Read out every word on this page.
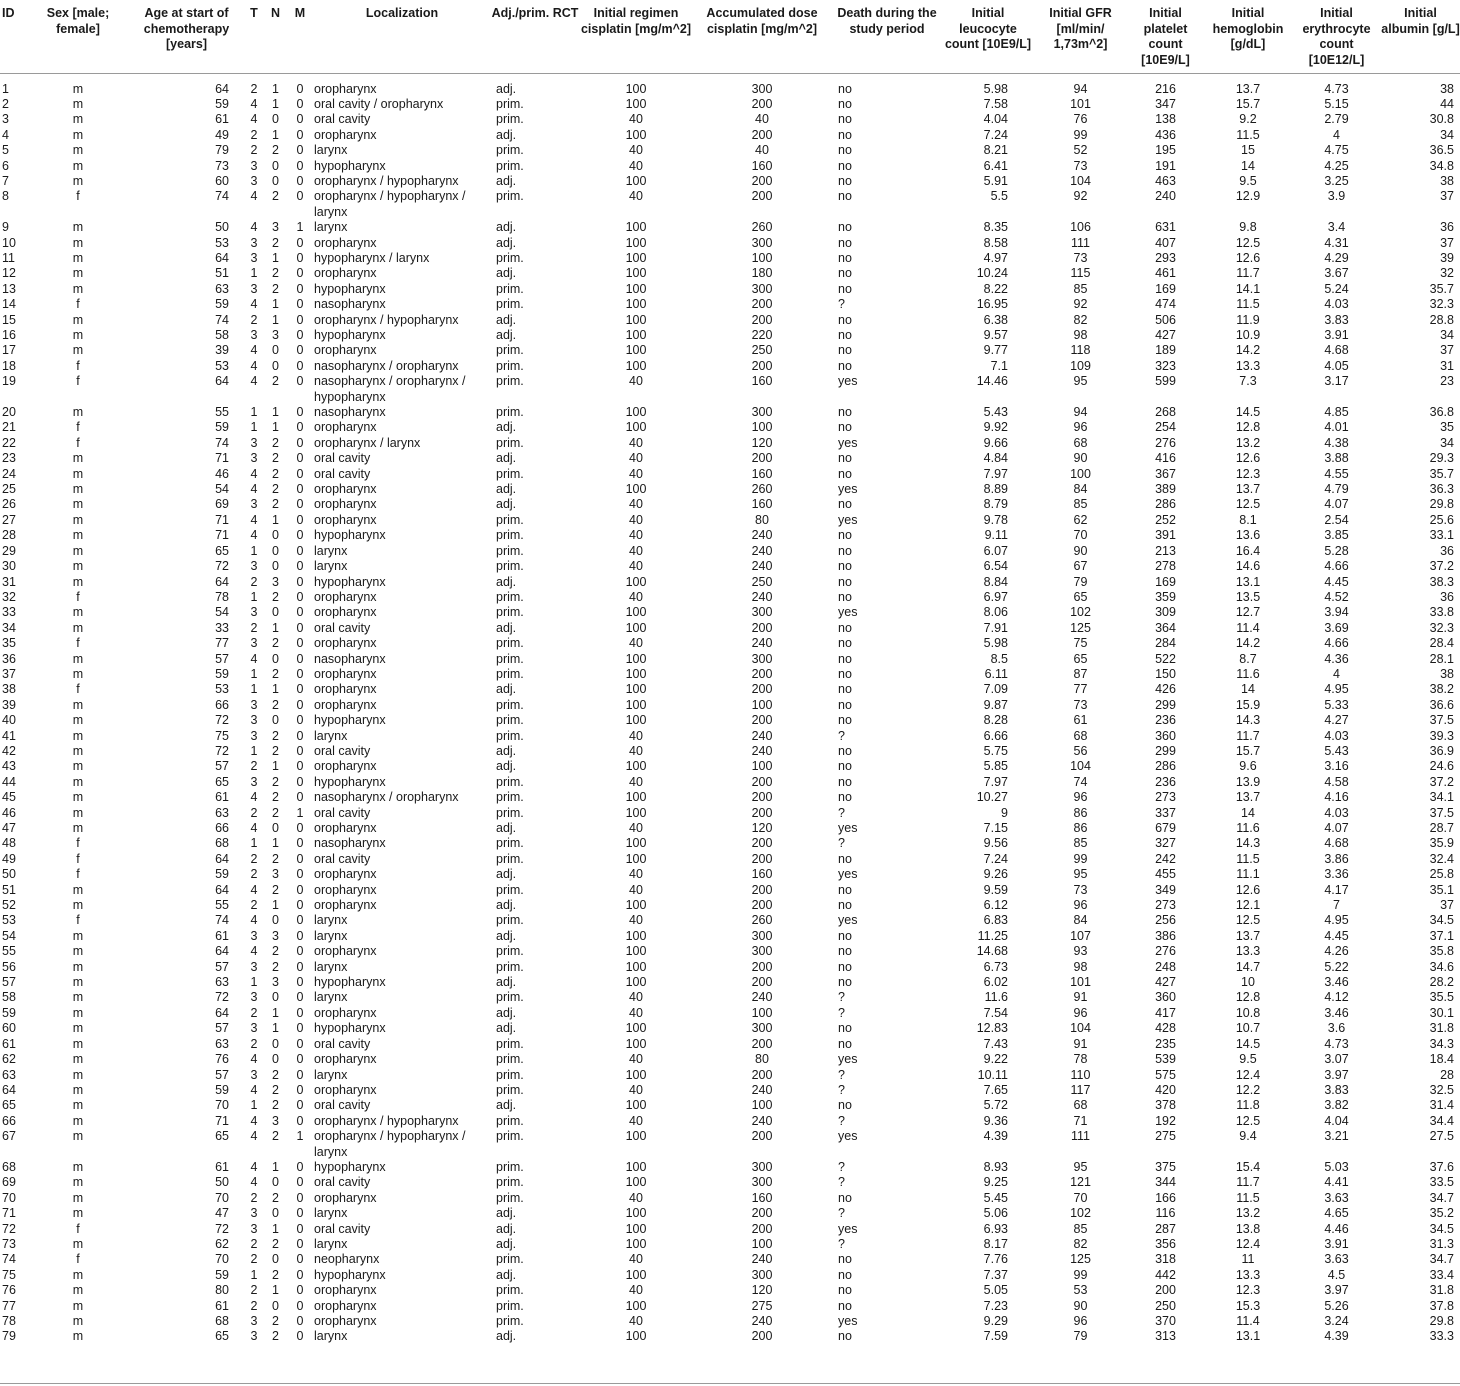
ID	Sex [male; female]	Age at start of chemotherapy [years]	T	N	M	Localization	Adj./prim. RCT	Initial regimen cisplatin [mg/m^2]	Accumulated dose cisplatin [mg/m^2]	Death during the study period	Initial leucocyte count [10E9/L]	Initial GFR [ml/min/ 1,73m^2]	Initial platelet count [10E9/L]	Initial hemoglobin [g/dL]	Initial erythrocyte count [10E12/L]	Initial albumin [g/L]
1	m	64	2	1	0	oropharynx	adj.	100	300	no	5.98	94	216	13.7	4.73	38
2	m	59	4	1	0	oral cavity / oropharynx	prim.	100	200	no	7.58	101	347	15.7	5.15	44
3	m	61	4	0	0	oral cavity	prim.	40	40	no	4.04	76	138	9.2	2.79	30.8
4	m	49	2	1	0	oropharynx	adj.	100	200	no	7.24	99	436	11.5	4	34
5	m	79	2	2	0	larynx	prim.	40	40	no	8.21	52	195	15	4.75	36.5
6	m	73	3	0	0	hypopharynx	prim.	40	160	no	6.41	73	191	14	4.25	34.8
7	m	60	3	0	0	oropharynx / hypopharynx	adj.	100	200	no	5.91	104	463	9.5	3.25	38
8	f	74	4	2	0	oropharynx / hypopharynx / larynx	prim.	40	200	no	5.5	92	240	12.9	3.9	37
9	m	50	4	3	1	larynx	adj.	100	260	no	8.35	106	631	9.8	3.4	36
10	m	53	3	2	0	oropharynx	adj.	100	300	no	8.58	111	407	12.5	4.31	37
11	m	64	3	1	0	hypopharynx / larynx	prim.	100	100	no	4.97	73	293	12.6	4.29	39
12	m	51	1	2	0	oropharynx	adj.	100	180	no	10.24	115	461	11.7	3.67	32
13	m	63	3	2	0	hypopharynx	prim.	100	300	no	8.22	85	169	14.1	5.24	35.7
14	f	59	4	1	0	nasopharynx	prim.	100	200	?	16.95	92	474	11.5	4.03	32.3
15	m	74	2	1	0	oropharynx / hypopharynx	adj.	100	200	no	6.38	82	506	11.9	3.83	28.8
16	m	58	3	3	0	hypopharynx	adj.	100	220	no	9.57	98	427	10.9	3.91	34
17	m	39	4	0	0	oropharynx	prim.	100	250	no	9.77	118	189	14.2	4.68	37
18	f	53	4	0	0	nasopharynx / oropharynx	prim.	100	200	no	7.1	109	323	13.3	4.05	31
19	f	64	4	2	0	nasopharynx / oropharynx / hypopharynx	prim.	40	160	yes	14.46	95	599	7.3	3.17	23
20	m	55	1	1	0	nasopharynx	prim.	100	300	no	5.43	94	268	14.5	4.85	36.8
21	f	59	1	1	0	oropharynx	adj.	100	100	no	9.92	96	254	12.8	4.01	35
22	f	74	3	2	0	oropharynx / larynx	prim.	40	120	yes	9.66	68	276	13.2	4.38	34
23	m	71	3	2	0	oral cavity	adj.	40	200	no	4.84	90	416	12.6	3.88	29.3
24	m	46	4	2	0	oral cavity	prim.	40	160	no	7.97	100	367	12.3	4.55	35.7
25	m	54	4	2	0	oropharynx	adj.	100	260	yes	8.89	84	389	13.7	4.79	36.3
26	m	69	3	2	0	oropharynx	adj.	40	160	no	8.79	85	286	12.5	4.07	29.8
27	m	71	4	1	0	oropharynx	prim.	40	80	yes	9.78	62	252	8.1	2.54	25.6
28	m	71	4	0	0	hypopharynx	prim.	40	240	no	9.11	70	391	13.6	3.85	33.1
29	m	65	1	0	0	larynx	prim.	40	240	no	6.07	90	213	16.4	5.28	36
30	m	72	3	0	0	larynx	prim.	40	240	no	6.54	67	278	14.6	4.66	37.2
31	m	64	2	3	0	hypopharynx	adj.	100	250	no	8.84	79	169	13.1	4.45	38.3
32	f	78	1	2	0	oropharynx	prim.	40	240	no	6.97	65	359	13.5	4.52	36
33	m	54	3	0	0	oropharynx	prim.	100	300	yes	8.06	102	309	12.7	3.94	33.8
34	m	33	2	1	0	oral cavity	adj.	100	200	no	7.91	125	364	11.4	3.69	32.3
35	f	77	3	2	0	oropharynx	prim.	40	240	no	5.98	75	284	14.2	4.66	28.4
36	m	57	4	0	0	nasopharynx	prim.	100	300	no	8.5	65	522	8.7	4.36	28.1
37	m	59	1	2	0	oropharynx	prim.	100	200	no	6.11	87	150	11.6	4	38
38	f	53	1	1	0	oropharynx	adj.	100	200	no	7.09	77	426	14	4.95	38.2
39	m	66	3	2	0	oropharynx	prim.	100	100	no	9.87	73	299	15.9	5.33	36.6
40	m	72	3	0	0	hypopharynx	prim.	100	200	no	8.28	61	236	14.3	4.27	37.5
41	m	75	3	2	0	larynx	prim.	40	240	?	6.66	68	360	11.7	4.03	39.3
42	m	72	1	2	0	oral cavity	adj.	40	240	no	5.75	56	299	15.7	5.43	36.9
43	m	57	2	1	0	oropharynx	adj.	100	100	no	5.85	104	286	9.6	3.16	24.6
44	m	65	3	2	0	hypopharynx	prim.	40	200	no	7.97	74	236	13.9	4.58	37.2
45	m	61	4	2	0	nasopharynx / oropharynx	prim.	100	200	no	10.27	96	273	13.7	4.16	34.1
46	m	63	2	2	1	oral cavity	prim.	100	200	?	9	86	337	14	4.03	37.5
47	m	66	4	0	0	oropharynx	adj.	40	120	yes	7.15	86	679	11.6	4.07	28.7
48	f	68	1	1	0	nasopharynx	prim.	100	200	?	9.56	85	327	14.3	4.68	35.9
49	f	64	2	2	0	oral cavity	prim.	100	200	no	7.24	99	242	11.5	3.86	32.4
50	f	59	2	3	0	oropharynx	adj.	40	160	yes	9.26	95	455	11.1	3.36	25.8
51	m	64	4	2	0	oropharynx	prim.	40	200	no	9.59	73	349	12.6	4.17	35.1
52	m	55	2	1	0	oropharynx	adj.	100	200	no	6.12	96	273	12.1	7	37
53	f	74	4	0	0	larynx	prim.	40	260	yes	6.83	84	256	12.5	4.95	34.5
54	m	61	3	3	0	larynx	adj.	100	300	no	11.25	107	386	13.7	4.45	37.1
55	m	64	4	2	0	oropharynx	prim.	100	300	no	14.68	93	276	13.3	4.26	35.8
56	m	57	3	2	0	larynx	prim.	100	200	no	6.73	98	248	14.7	5.22	34.6
57	m	63	1	3	0	hypopharynx	adj.	100	200	no	6.02	101	427	10	3.46	28.2
58	m	72	3	0	0	larynx	prim.	40	240	?	11.6	91	360	12.8	4.12	35.5
59	m	64	2	1	0	oropharynx	adj.	40	100	?	7.54	96	417	10.8	3.46	30.1
60	m	57	3	1	0	hypopharynx	adj.	100	300	no	12.83	104	428	10.7	3.6	31.8
61	m	63	2	0	0	oral cavity	prim.	100	200	no	7.43	91	235	14.5	4.73	34.3
62	m	76	4	0	0	oropharynx	prim.	40	80	yes	9.22	78	539	9.5	3.07	18.4
63	m	57	3	2	0	larynx	prim.	100	200	?	10.11	110	575	12.4	3.97	28
64	m	59	4	2	0	oropharynx	prim.	40	240	?	7.65	117	420	12.2	3.83	32.5
65	m	70	1	2	0	oral cavity	adj.	100	100	no	5.72	68	378	11.8	3.82	31.4
66	m	71	4	3	0	oropharynx / hypopharynx	prim.	40	240	?	9.36	71	192	12.5	4.04	34.4
67	m	65	4	2	1	oropharynx / hypopharynx / larynx	prim.	100	200	yes	4.39	111	275	9.4	3.21	27.5
68	m	61	4	1	0	hypopharynx	prim.	100	300	?	8.93	95	375	15.4	5.03	37.6
69	m	50	4	0	0	oral cavity	prim.	100	300	?	9.25	121	344	11.7	4.41	33.5
70	m	70	2	2	0	oropharynx	prim.	40	160	no	5.45	70	166	11.5	3.63	34.7
71	m	47	3	0	0	larynx	adj.	100	200	?	5.06	102	116	13.2	4.65	35.2
72	f	72	3	1	0	oral cavity	adj.	100	200	yes	6.93	85	287	13.8	4.46	34.5
73	m	62	2	2	0	larynx	adj.	100	100	?	8.17	82	356	12.4	3.91	31.3
74	f	70	2	0	0	neopharynx	prim.	40	240	no	7.76	125	318	11	3.63	34.7
75	m	59	1	2	0	hypopharynx	adj.	100	300	no	7.37	99	442	13.3	4.5	33.4
76	m	80	2	1	0	oropharynx	prim.	40	120	no	5.05	53	200	12.3	3.97	31.8
77	m	61	2	0	0	oropharynx	prim.	100	275	no	7.23	90	250	15.3	5.26	37.8
78	m	68	3	2	0	oropharynx	prim.	40	240	yes	9.29	96	370	11.4	3.24	29.8
79	m	65	3	2	0	larynx	adj.	100	200	no	7.59	79	313	13.1	4.39	33.3
